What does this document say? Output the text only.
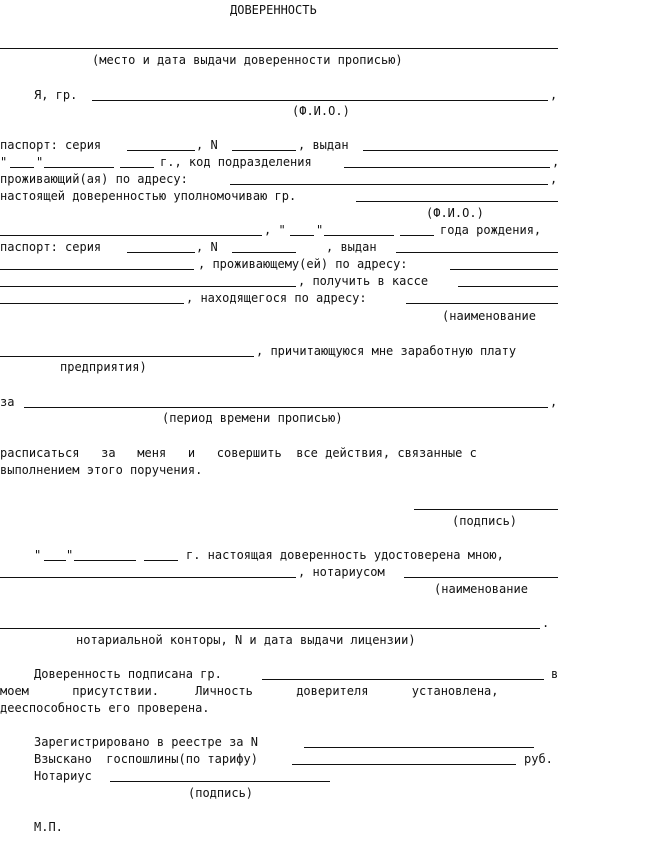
ДОВЕРЕННОСТЬ
(место и дата выдачи доверенности прописью)
Я, гр.	,
(Ф.И.О.)
паспорт: серия	, N	, выдан
" "	г., код подразделения	,
проживающий(ая) по адресу:	,
настоящей доверенностью уполномочиваю гр.
(Ф.И.О.)
, "	"	года рождения,
паспорт: серия	, N	, выдан
, проживающему(ей) по адресу:
, получить в кассе
, находящегося по адресу:
(наименование
, причитающуюся мне заработную плату
предприятия)
за	,
(период времени прописью)
расписаться   за   меня   и   совершить  все действия, связанные с
выполнением этого поручения.
(подпись)
" "	г. настоящая доверенность удостоверена мною,
, нотариусом
(наименование
.
нотариальной конторы, N и дата выдачи лицензии)
Доверенность подписана гр.	в
моем      присутствии.     Личность      доверителя      установлена,
дееспособность его проверена.
Зарегистрировано в реестре за N
Взыскано  госпошлины(по тарифу)	руб.
Нотариус
(подпись)
М.П.
